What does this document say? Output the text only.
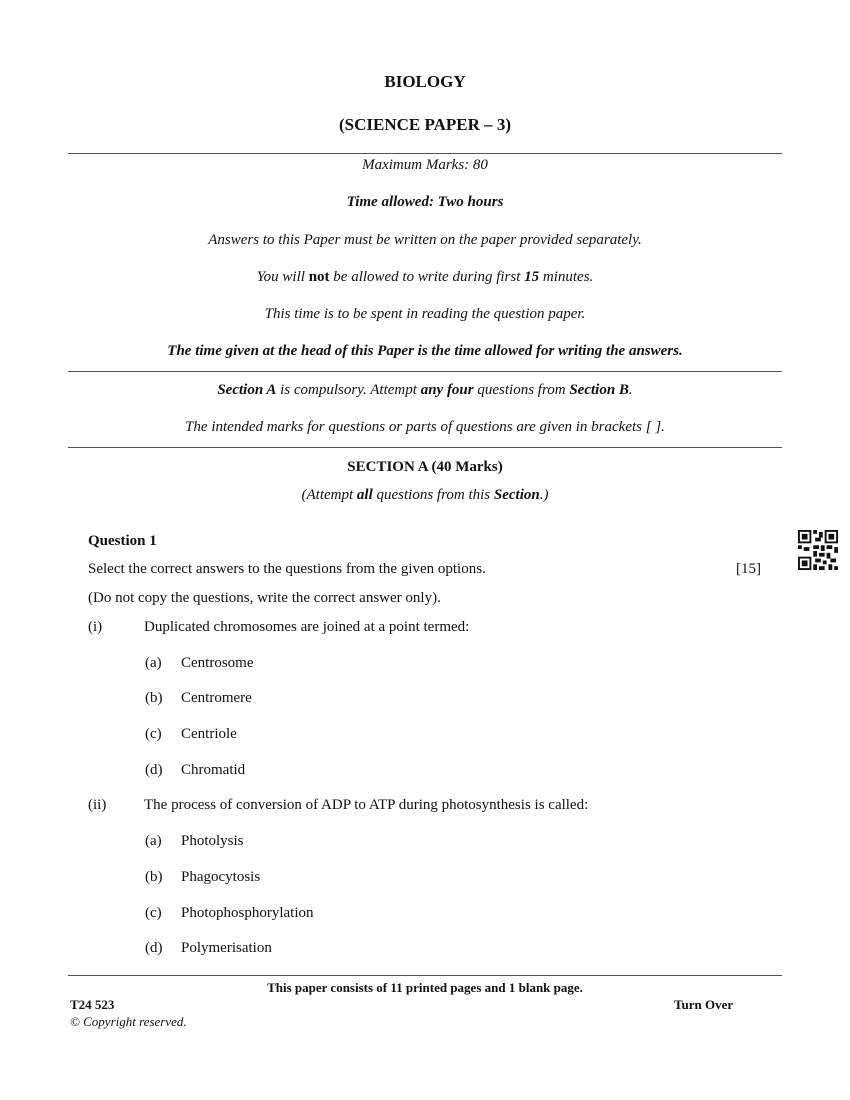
BIOLOGY
(SCIENCE PAPER – 3)
Maximum Marks: 80
Time allowed: Two hours
Answers to this Paper must be written on the paper provided separately.
You will not be allowed to write during first 15 minutes.
This time is to be spent in reading the question paper.
The time given at the head of this Paper is the time allowed for writing the answers.
Section A is compulsory. Attempt any four questions from Section B.
The intended marks for questions or parts of questions are given in brackets [ ].
SECTION A (40 Marks)
(Attempt all questions from this Section.)
Question 1
Select the correct answers to the questions from the given options.	[15]
(Do not copy the questions, write the correct answer only).
(i)	Duplicated chromosomes are joined at a point termed:
(a) Centrosome
(b) Centromere
(c) Centriole
(d) Chromatid
(ii)	The process of conversion of ADP to ATP during photosynthesis is called:
(a) Photolysis
(b) Phagocytosis
(c) Photophosphorylation
(d) Polymerisation
This paper consists of 11 printed pages and 1 blank page.
T24 523	Turn Over
© Copyright reserved.
